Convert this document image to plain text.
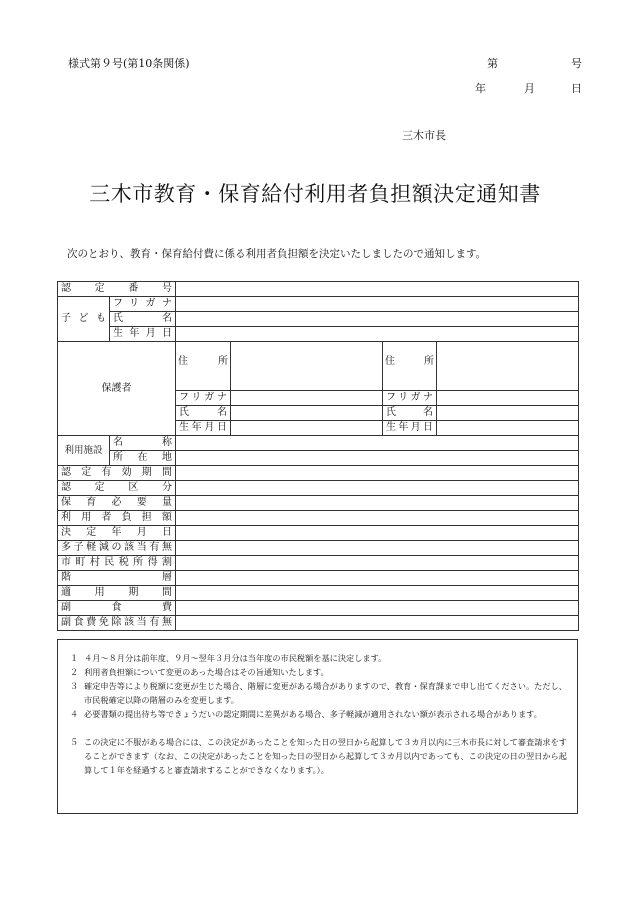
様式第９号(第10条関係)	第	号
年	月	日
三木市長
三木市教育・保育給付利用者負担額決定通知書
次のとおり、教育・保育給付費に係る利用者負担額を決定いたしましたので通知します。
認定番号					
子ども	フリガナ				
	氏名				
	生年月日				
保護者		住所		住所	

		フリガナ		フリガナ	
		氏名		氏名	
		生年月日		生年月日	
利用施設	名称				
	所在地				
認定有効期間					
認定区分					
保育必要量					
利用者負担額					
決定年月日					
多子軽減の該当有無					
市町村民税所得割					
階層					
適用期間					
副食費					
副食費免除該当有無					
１ ４月～８月分は前年度、９月～翌年３月分は当年度の市民税額を基に決定します。
２ 利用者負担額について変更のあった場合はその旨通知いたします。
３ 確定申告等により税額に変更が生じた場合、階層に変更がある場合がありますので、教育・保育課まで申し出てください。ただし、市民税確定以降の階層のみを変更します。
４ 必要書類の提出待ち等できょうだいの認定期間に差異がある場合、多子軽減が適用されない額が表示される場合があります。
５ この決定に不服がある場合には、この決定があったことを知った日の翌日から起算して３カ月以内に三木市長に対して審査請求をすることができます（なお、この決定があったことを知った日の翌日から起算して３カ月以内であっても、この決定の日の翌日から起算して１年を経過すると審査請求することができなくなります。）。
